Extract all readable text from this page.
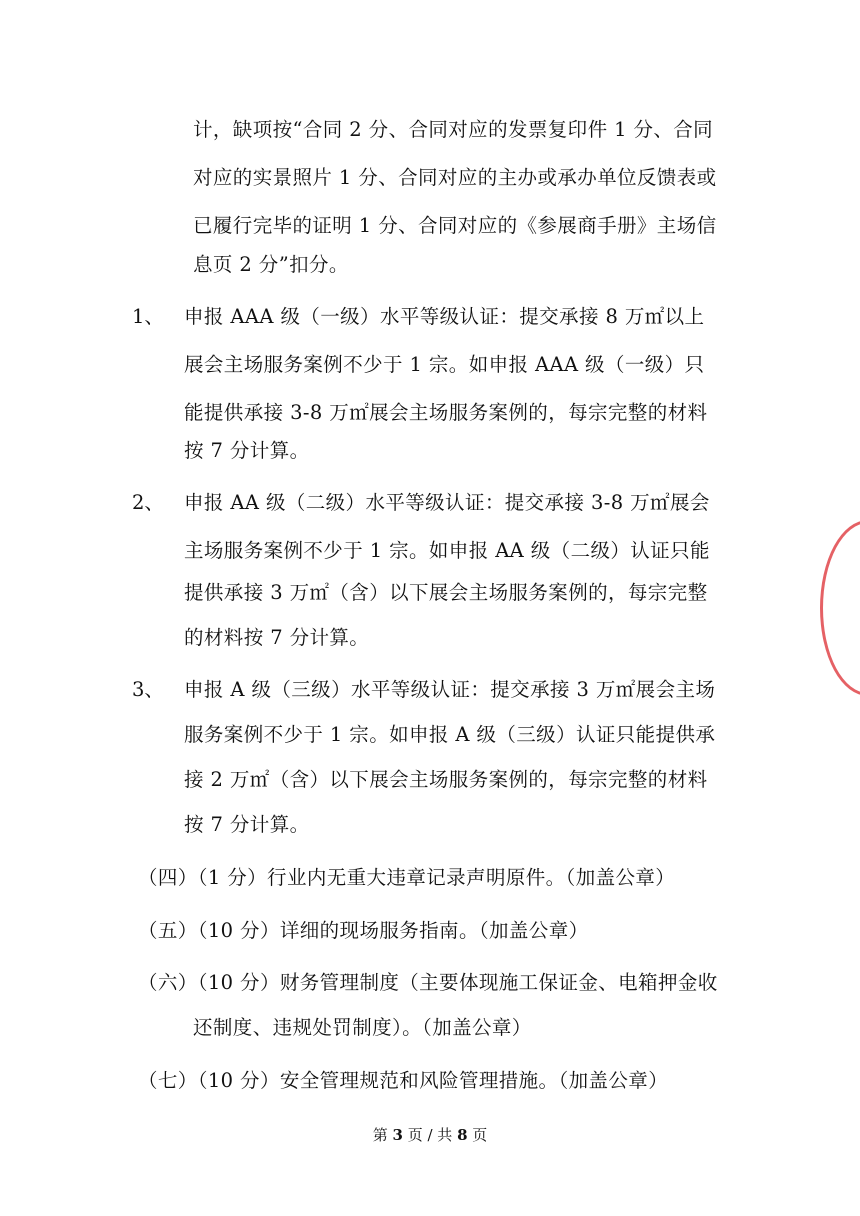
计，缺项按“合同 2 分、合同对应的发票复印件 1 分、合同
对应的实景照片 1 分、合同对应的主办或承办单位反馈表或
已履行完毕的证明 1 分、合同对应的《参展商手册》主场信
息页 2 分”扣分。
1、 申报 AAA 级（一级）水平等级认证：提交承接 8 万㎡以上
展会主场服务案例不少于 1 宗。如申报 AAA 级（一级）只
能提供承接 3-8 万㎡展会主场服务案例的，每宗完整的材料
按 7 分计算。
2、 申报 AA 级（二级）水平等级认证：提交承接 3-8 万㎡展会
主场服务案例不少于 1 宗。如申报 AA 级（二级）认证只能
提供承接 3 万㎡（含）以下展会主场服务案例的，每宗完整
的材料按 7 分计算。
3、 申报 A 级（三级）水平等级认证：提交承接 3 万㎡展会主场
服务案例不少于 1 宗。如申报 A 级（三级）认证只能提供承
接 2 万㎡（含）以下展会主场服务案例的，每宗完整的材料
按 7 分计算。
（四）（1 分）行业内无重大违章记录声明原件。（加盖公章）
（五）（10 分）详细的现场服务指南。（加盖公章）
（六）（10 分）财务管理制度（主要体现施工保证金、电箱押金收
还制度、违规处罚制度）。（加盖公章）
（七）（10 分）安全管理规范和风险管理措施。（加盖公章）
第 3 页 / 共 8 页
